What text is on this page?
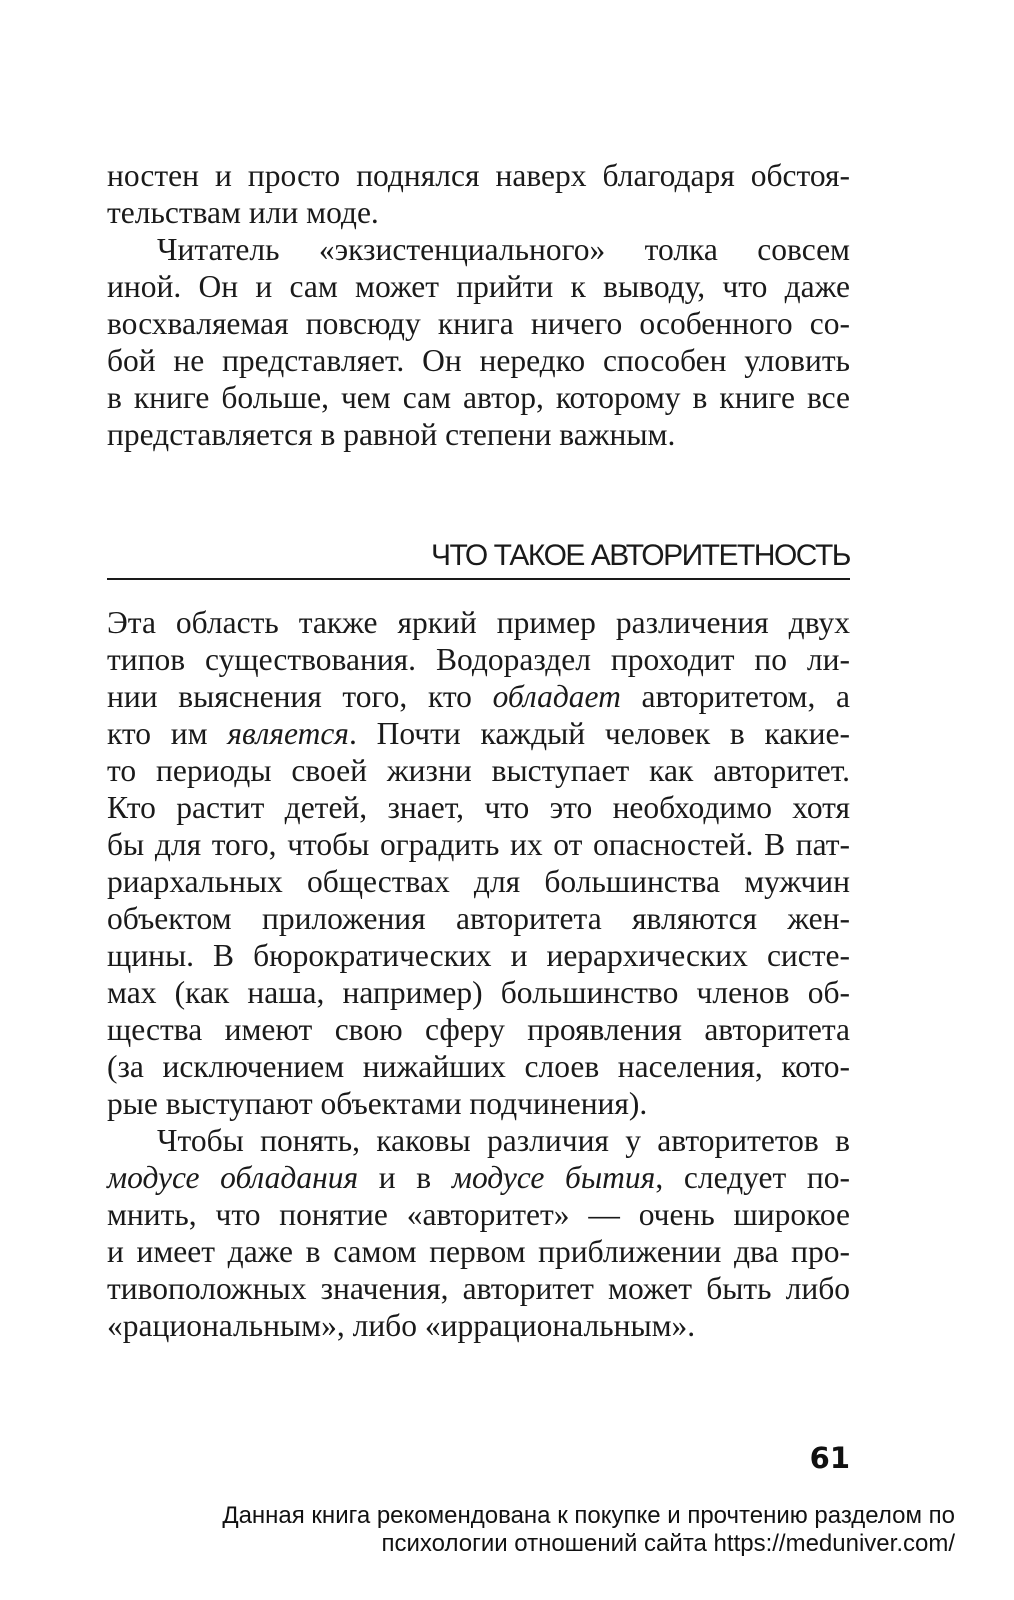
ностен и просто поднялся наверх благодаря обстоя-
тельствам или моде.
Читатель «экзистенциального» толка совсем
иной. Он и сам может прийти к выводу, что даже
восхваляемая повсюду книга ничего особенного со-
бой не представляет. Он нередко способен уловить
в книге больше, чем сам автор, которому в книге все
представляется в равной степени важным.
ЧТО ТАКОЕ АВТОРИТЕТНОСТЬ
Эта область также яркий пример различения двух
типов существования. Водораздел проходит по ли-
нии выяснения того, кто обладает авторитетом, а
кто им является. Почти каждый человек в какие-
то периоды своей жизни выступает как авторитет.
Кто растит детей, знает, что это необходимо хотя
бы для того, чтобы оградить их от опасностей. В пат-
риархальных обществах для большинства мужчин
объектом приложения авторитета являются жен-
щины. В бюрократических и иерархических систе-
мах (как наша, например) большинство членов об-
щества имеют свою сферу проявления авторитета
(за исключением нижайших слоев населения, кото-
рые выступают объектами подчинения).
Чтобы понять, каковы различия у авторитетов в
модусе обладания и в модусе бытия, следует по-
мнить, что понятие «авторитет» — очень широкое
и имеет даже в самом первом приближении два про-
тивоположных значения, авторитет может быть либо
«рациональным», либо «иррациональным».
61
Данная книга рекомендована к покупке и прочтению разделом по
психологии отношений сайта https://meduniver.com/
